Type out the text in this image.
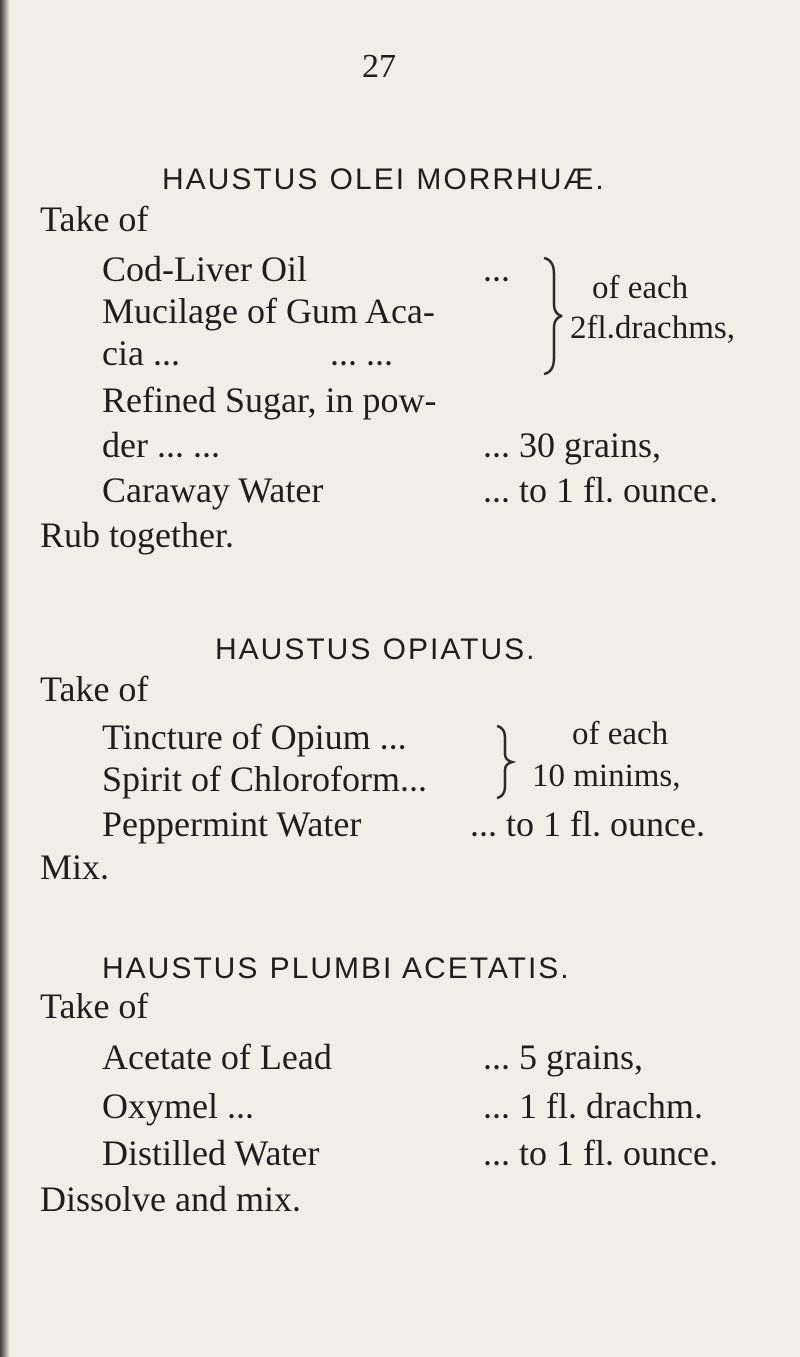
27
HAUSTUS OLEI MORRHUÆ.
Take of
Cod-Liver Oil	...
Mucilage of Gum Aca-
cia ...	... ...
of each
2fl.drachms,
Refined Sugar, in pow-
der ... ...	... 30 grains,
Caraway Water	... to 1 fl. ounce.
Rub together.
HAUSTUS OPIATUS.
Take of
Tincture of Opium ...
Spirit of Chloroform...
of each
10 minims,
Peppermint Water	... to 1 fl. ounce.
Mix.
HAUSTUS PLUMBI ACETATIS.
Take of
Acetate of Lead	... 5 grains,
Oxymel ...	... 1 fl. drachm.
Distilled Water	... to 1 fl. ounce.
Dissolve and mix.
